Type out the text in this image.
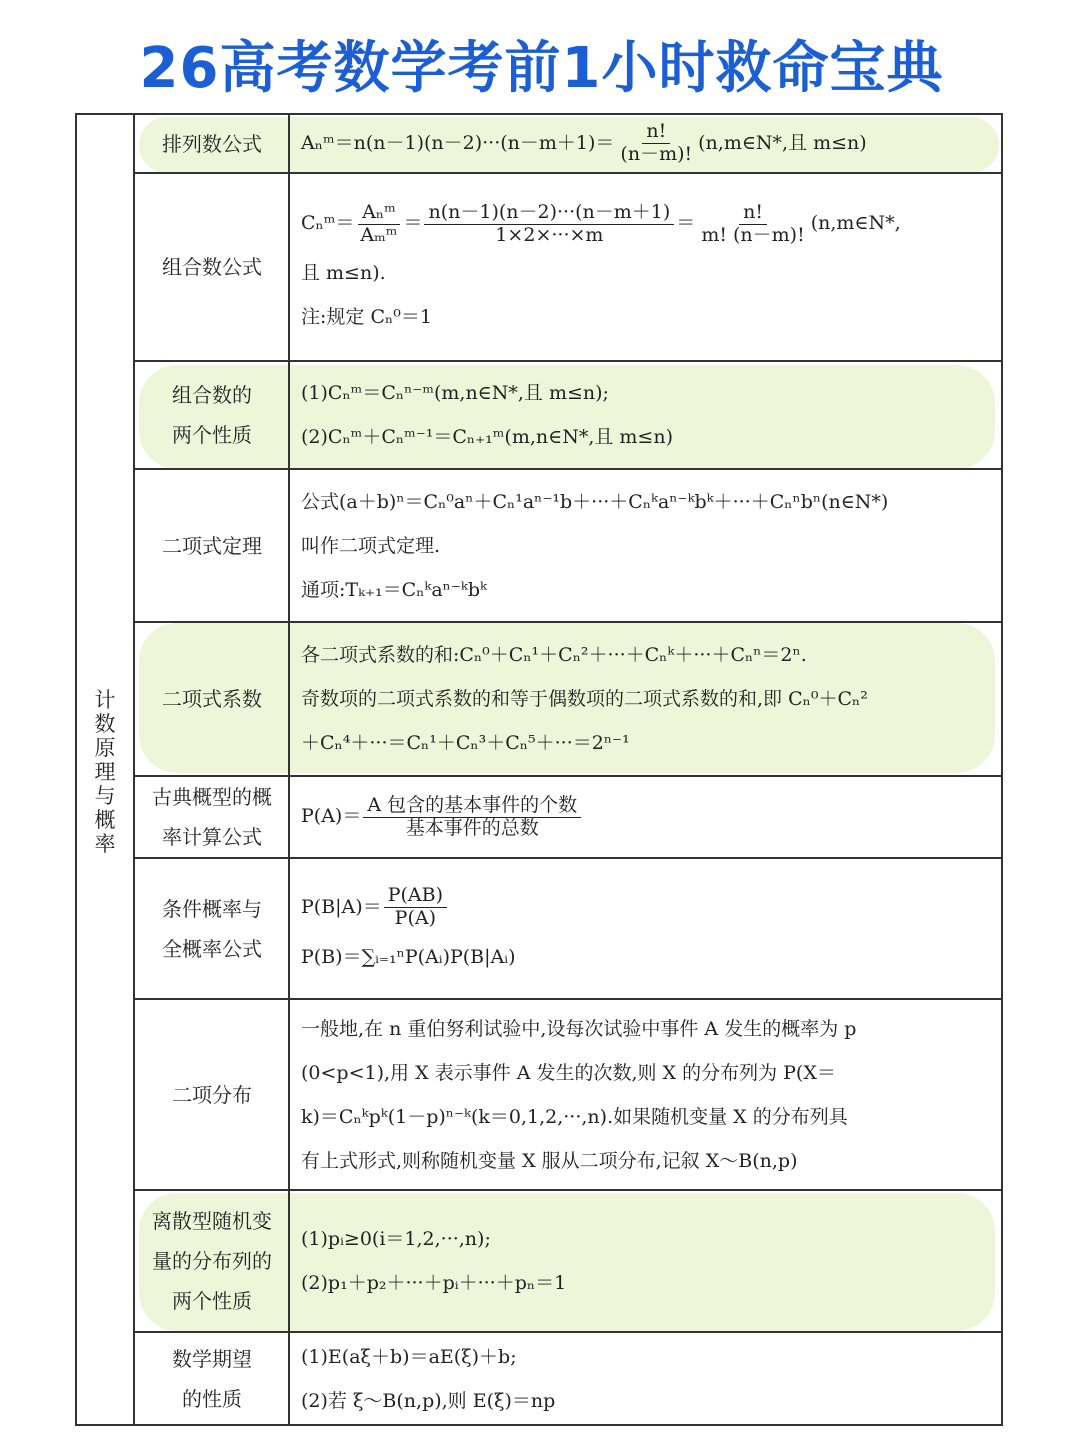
26高考数学考前1小时救命宝典
计
数
原
理
与
概
率
排列数公式 Aₙᵐ＝n(n－1)(n－2)···(n－m＋1)＝ $\frac{n!}{(n-m)!}$ (n,m∈N*,且 m≤n)
组合数公式
Cₙᵐ＝ $\frac{\text{Aₙᵐ}}{\text{Aₘᵐ}} = \frac{n(n-1)(n-2)\cdot\cdot\cdot(n-m+1)}{1\times 2\times\cdot\cdot\cdot\times m} = \frac{n!}{m! (n-m)!}$ (n,m∈N*,
且 m≤n).
注:规定 Cₙ⁰＝1
组合数的
两个性质
(1)Cₙᵐ＝Cₙⁿ⁻ᵐ(m,n∈N*,且 m≤n);
(2)Cₙᵐ＋Cₙᵐ⁻¹＝Cₙ₊₁ᵐ(m,n∈N*,且 m≤n)
二项式定理
公式(a＋b)ⁿ＝Cₙ⁰aⁿ＋Cₙ¹aⁿ⁻¹b＋···＋Cₙᵏaⁿ⁻ᵏbᵏ＋···＋Cₙⁿbⁿ(n∈N*)
叫作二项式定理.
通项:Tₖ₊₁＝Cₙᵏaⁿ⁻ᵏbᵏ
二项式系数
各二项式系数的和:Cₙ⁰＋Cₙ¹＋Cₙ²＋···＋Cₙᵏ＋···＋Cₙⁿ＝2ⁿ.
奇数项的二项式系数的和等于偶数项的二项式系数的和,即 Cₙ⁰＋Cₙ²
＋Cₙ⁴＋···＝Cₙ¹＋Cₙ³＋Cₙ⁵＋···＝2ⁿ⁻¹
古典概型的概
率计算公式
$P(A)= \frac{\text{A 包含的基本事件的个数}}{\text{基本事件的总数}}$
条件概率与
全概率公式
$P(B|A)= \frac{P(AB)}{P(A)}$
P(B)＝∑ᵢ₌₁ⁿP(Aᵢ)P(B|Aᵢ)
二项分布
一般地,在 n 重伯努利试验中,设每次试验中事件 A 发生的概率为 p
(0<p<1),用 X 表示事件 A 发生的次数,则 X 的分布列为 P(X＝
k)＝Cₙᵏpᵏ(1－p)ⁿ⁻ᵏ(k＝0,1,2,···,n).如果随机变量 X 的分布列具
有上式形式,则称随机变量 X 服从二项分布,记叙 X～B(n,p)
离散型随机变
量的分布列的
两个性质
(1)pᵢ≥0(i＝1,2,···,n);
(2)p₁＋p₂＋···＋pᵢ＋···＋pₙ＝1
数学期望
的性质
(1)E(aξ＋b)＝aE(ξ)＋b;
(2)若 ξ～B(n,p),则 E(ξ)＝np
